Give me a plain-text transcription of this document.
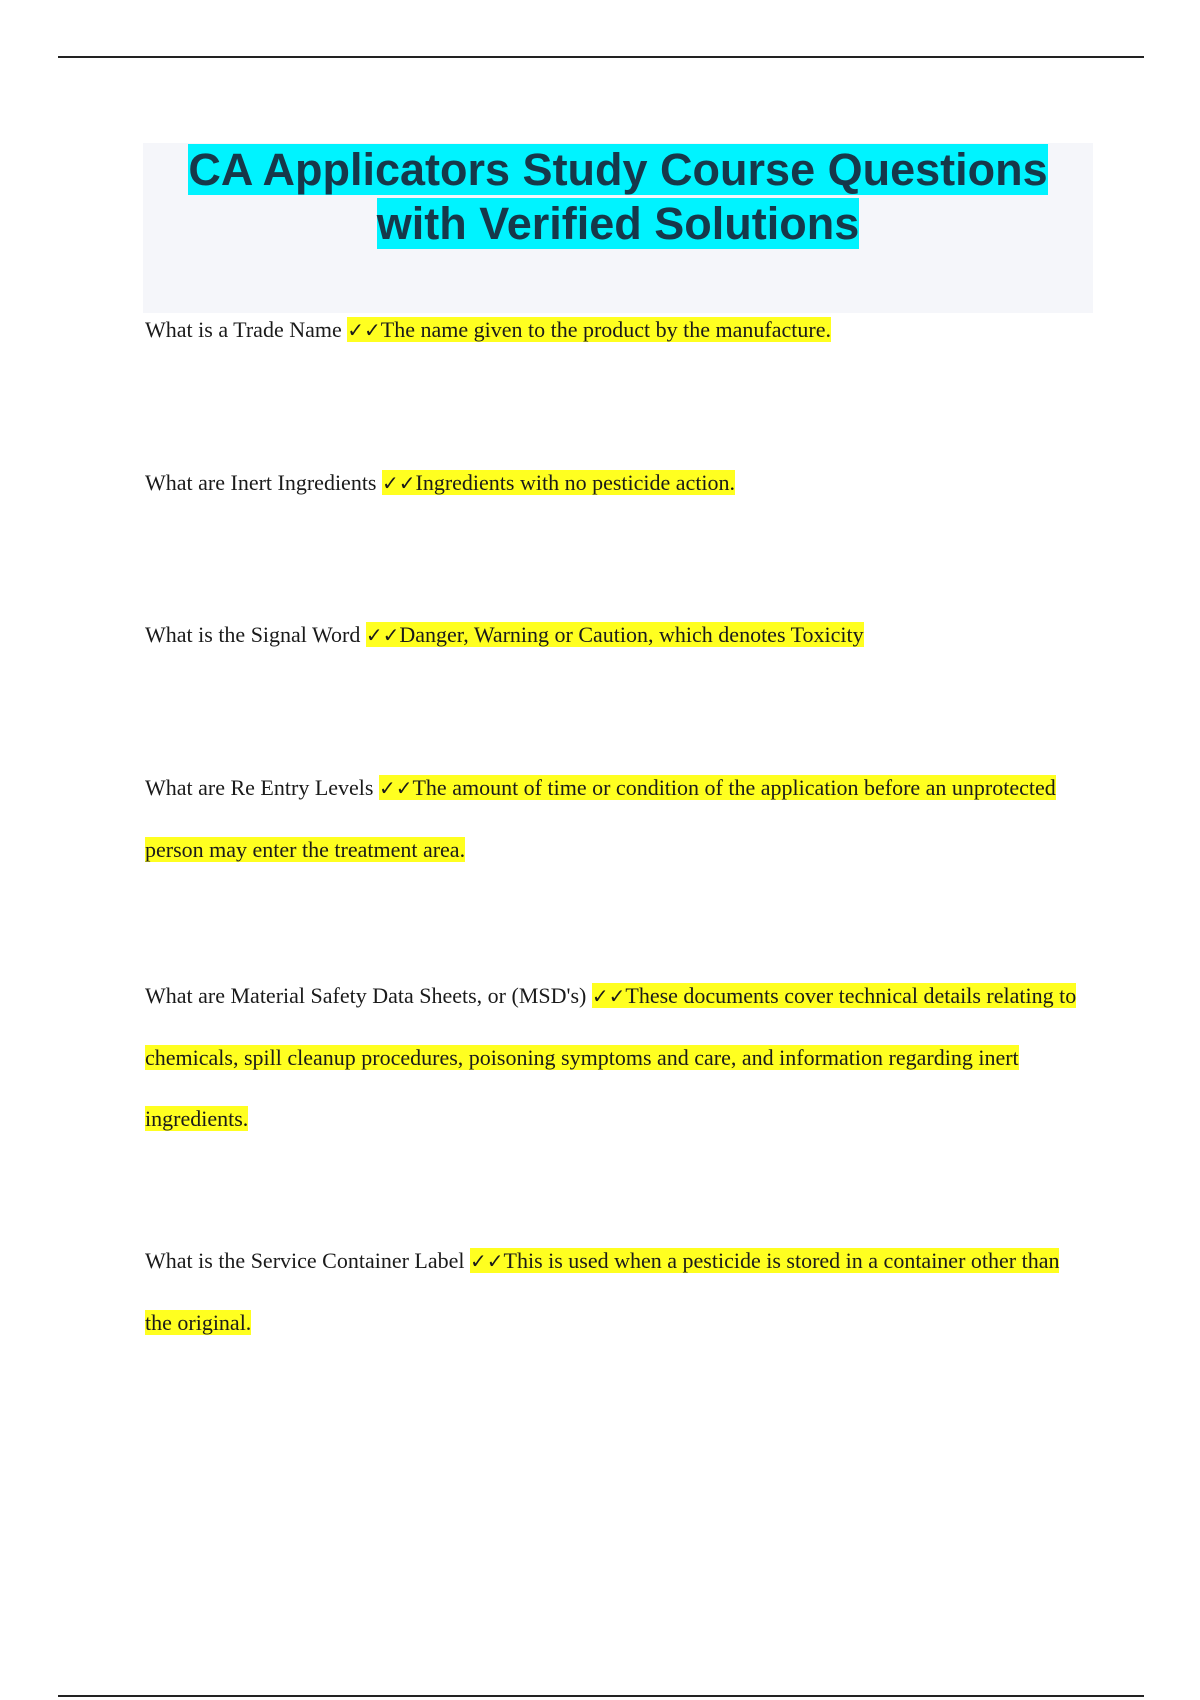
CA Applicators Study Course Questions
with Verified Solutions

What is a Trade Name ✓✓The name given to the product by the manufacture.

What are Inert Ingredients ✓✓Ingredients with no pesticide action.

What is the Signal Word ✓✓Danger, Warning or Caution, which denotes Toxicity

What are Re Entry Levels ✓✓The amount of time or condition of the application before an unprotected person may enter the treatment area.

What are Material Safety Data Sheets, or (MSD's) ✓✓These documents cover technical details relating to chemicals, spill cleanup procedures, poisoning symptoms and care, and information regarding inert ingredients.

What is the Service Container Label ✓✓This is used when a pesticide is stored in a container other than the original.
